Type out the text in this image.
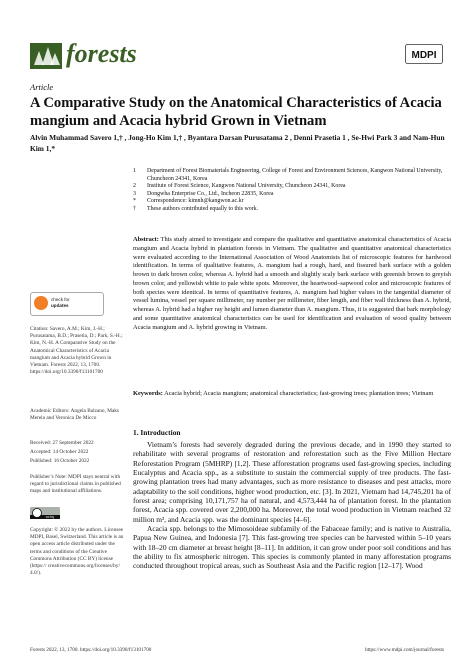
forests	MDPI
Article
A Comparative Study on the Anatomical Characteristics of Acacia mangium and Acacia hybrid Grown in Vietnam
Alvin Muhammad Savero 1,† , Jong-Ho Kim 1,† , Byantara Darsan Purusatama 2 , Denni Prasetia 1 , Se-Hwi Park 3 and Nam-Hun Kim 1,*
1 Department of Forest Biomaterials Engineering, College of Forest and Environment Sciences, Kangwon National University, Chuncheon 24341, Korea
2 Institute of Forest Science, Kangwon National University, Chuncheon 24341, Korea
3 Dongwha Enterprise Co., Ltd., Incheon 22835, Korea
* Correspondence: kimnh@kangwon.ac.kr
† These authors contributed equally to this work.
Abstract: This study aimed to investigate and compare the qualitative and quantitative anatomical characteristics of Acacia mangium and Acacia hybrid in plantation forests in Vietnam. The qualitative and quantitative anatomical characteristics were evaluated according to the International Association of Wood Anatomists list of microscopic features for hardwood identification. In terms of qualitative features, A. mangium had a rough, hard, and fissured bark surface with a golden brown to dark brown color, whereas A. hybrid had a smooth and slightly scaly bark surface with greenish brown to greyish brown color, and yellowish white to pale white spots. Moreover, the heartwood–sapwood color and microscopic features of both species were identical. In terms of quantitative features, A. mangium had higher values in the tangential diameter of vessel lumina, vessel per square millimeter, ray number per millimeter, fiber length, and fiber wall thickness than A. hybrid, whereas A. hybrid had a higher ray height and lumen diameter than A. mangium. Thus, it is suggested that bark morphology and some quantitative anatomical characteristics can be used for identification and evaluation of wood quality between Acacia mangium and A. hybrid growing in Vietnam.
Keywords: Acacia hybrid; Acacia mangium; anatomical characteristics; fast-growing trees; plantation trees; Vietnam
check for
updates
Citation: Savero, A.M.; Kim, J.-H.; Purusatama, B.D.; Prasetia, D.; Park, S.-H.; Kim, N.-H. A Comparative Study on the Anatomical Characteristics of Acacia mangium and Acacia hybrid Grown in Vietnam. Forests 2022, 13, 1700. https://doi.org/10.3390/f13101700
Academic Editors: Angela Balzano, Maks Merela and Veronica De Micco
Received: 27 September 2022
Accepted: 14 October 2022
Published: 16 October 2022
Publisher’s Note: MDPI stays neutral with regard to jurisdictional claims in published maps and institutional affiliations.
cc by
Copyright: © 2022 by the authors. Licensee MDPI, Basel, Switzerland. This article is an open access article distributed under the terms and conditions of the Creative Commons Attribution (CC BY) license (https:// creativecommons.org/licenses/by/ 4.0/).
1. Introduction

Vietnam’s forests had severely degraded during the previous decade, and in 1990 they started to rehabilitate with several programs of restoration and reforestation such as the Five Million Hectare Reforestation Program (5MHRP) [1,2]. These afforestation programs used fast-growing species, including Eucalyptus and Acacia spp., as a substitute to sustain the commercial supply of tree products. The fast-growing plantation trees had many advantages, such as more resistance to diseases and pest attacks, more adaptability to the soil conditions, higher wood production, etc. [3]. In 2021, Vietnam had 14,745,201 ha of forest area; comprising 10,171,757 ha of natural, and 4,573,444 ha of plantation forest. In the plantation forest, Acacia spp. covered over 2,200,000 ha. Moreover, the total wood production in Vietnam reached 32 million m³, and Acacia spp. was the dominant species [4–6].

Acacia spp. belongs to the Mimosoideae subfamily of the Fabaceae family; and is native to Australia, Papua New Guinea, and Indonesia [7]. This fast-growing tree species can be harvested within 5–10 years with 18–20 cm diameter at breast height [8–11]. In addition, it can grow under poor soil conditions and has the ability to fix atmospheric nitrogen. This species is commonly planted in many afforestation programs conducted throughout tropical areas, such as Southeast Asia and the Pacific region [12–17]. Wood

Forests 2022, 13, 1700. https://doi.org/10.3390/f13101700	https://www.mdpi.com/journal/forests
